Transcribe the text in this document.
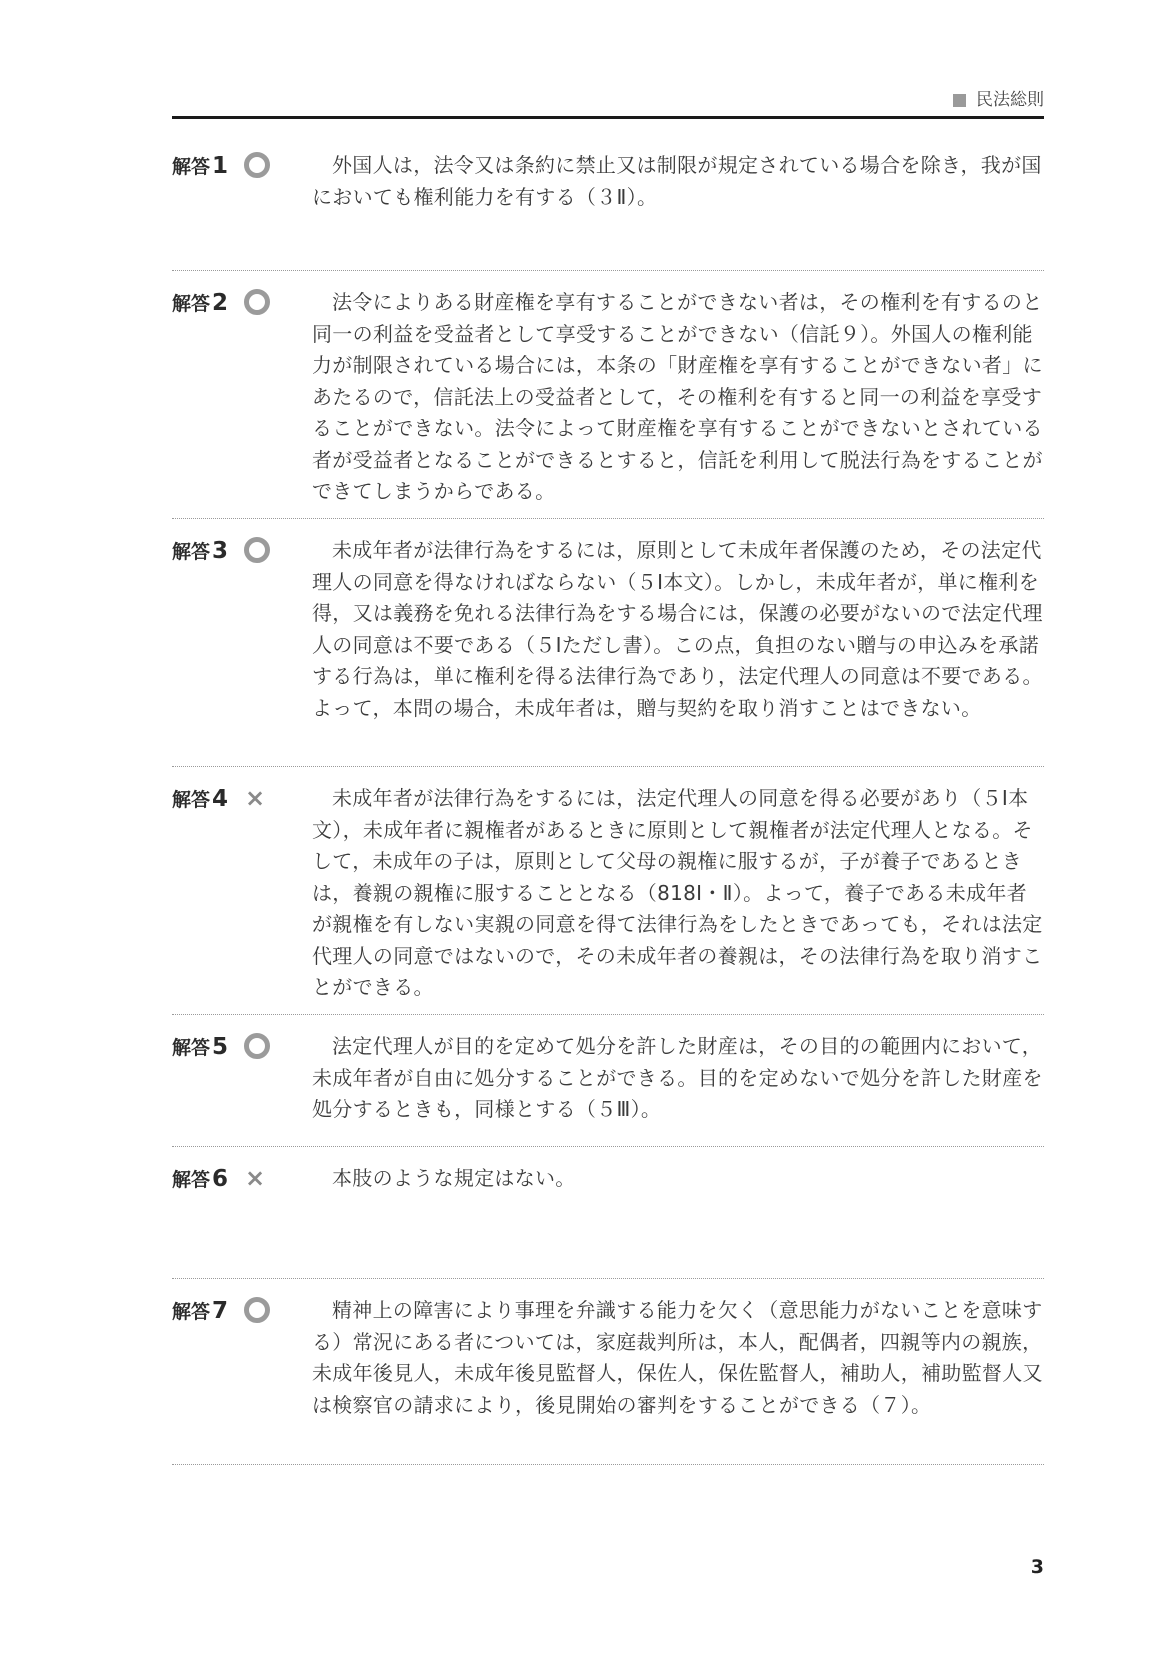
民法総則
解答1	外国人は，法令又は条約に禁止又は制限が規定されている場合を除き，我が国においても権利能力を有する（３Ⅱ）。

解答2	法令によりある財産権を享有することができない者は，その権利を有するのと同一の利益を受益者として享受することができない（信託９）。外国人の権利能力が制限されている場合には，本条の「財産権を享有することができない者」にあたるので，信託法上の受益者として，その権利を有すると同一の利益を享受することができない。法令によって財産権を享有することができないとされている者が受益者となることができるとすると，信託を利用して脱法行為をすることができてしまうからである。

解答3	未成年者が法律行為をするには，原則として未成年者保護のため，その法定代理人の同意を得なければならない（５Ⅰ本文）。しかし，未成年者が，単に権利を得，又は義務を免れる法律行為をする場合には，保護の必要がないので法定代理人の同意は不要である（５Ⅰただし書）。この点，負担のない贈与の申込みを承諾する行為は，単に権利を得る法律行為であり，法定代理人の同意は不要である。よって，本問の場合，未成年者は，贈与契約を取り消すことはできない。

解答4 ×	未成年者が法律行為をするには，法定代理人の同意を得る必要があり（５Ⅰ本文），未成年者に親権者があるときに原則として親権者が法定代理人となる。そして，未成年の子は，原則として父母の親権に服するが，子が養子であるときは，養親の親権に服することとなる（818Ⅰ・Ⅱ）。よって，養子である未成年者が親権を有しない実親の同意を得て法律行為をしたときであっても，それは法定代理人の同意ではないので，その未成年者の養親は，その法律行為を取り消すことができる。

解答5	法定代理人が目的を定めて処分を許した財産は，その目的の範囲内において，未成年者が自由に処分することができる。目的を定めないで処分を許した財産を処分するときも，同様とする（５Ⅲ）。

解答6 ×	本肢のような規定はない。

解答7	精神上の障害により事理を弁識する能力を欠く（意思能力がないことを意味する）常況にある者については，家庭裁判所は，本人，配偶者，四親等内の親族，未成年後見人，未成年後見監督人，保佐人，保佐監督人，補助人，補助監督人又は検察官の請求により，後見開始の審判をすることができる（７）。

3
